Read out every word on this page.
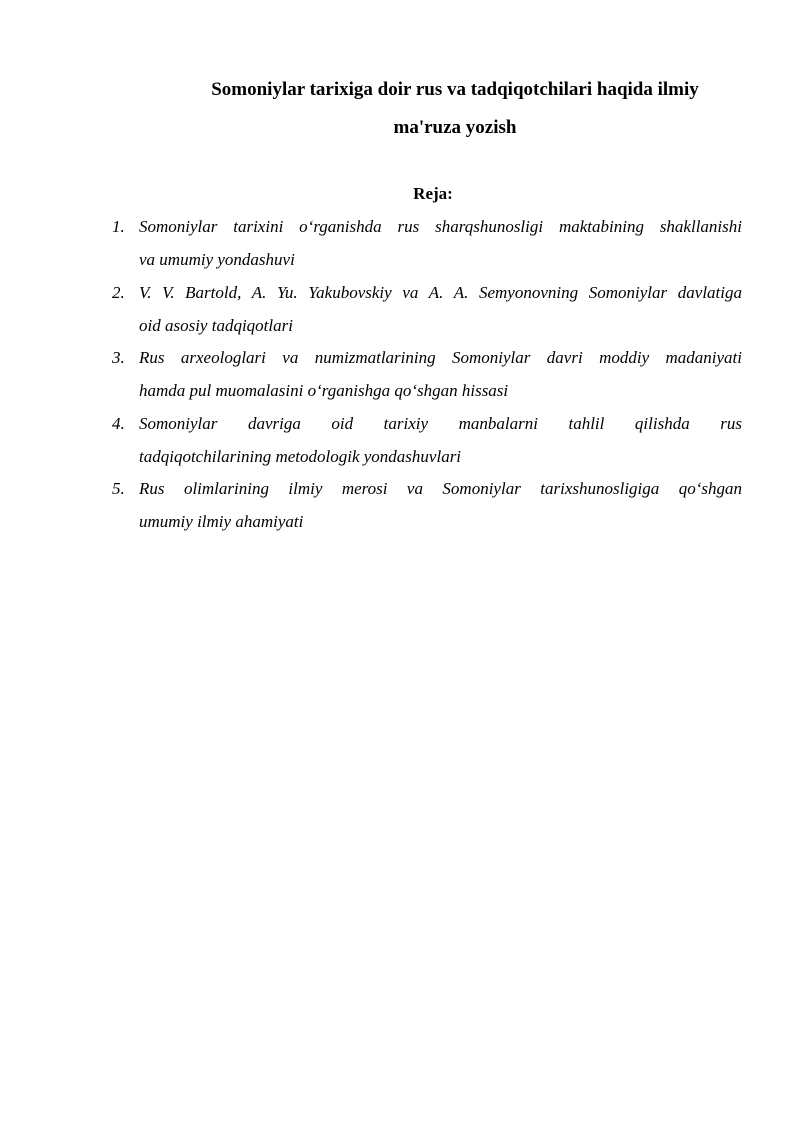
Somoniylar tarixiga doir rus va tadqiqotchilari haqida ilmiy
ma'ruza yozish
Reja:
1. Somoniylar tarixini o‘rganishda rus sharqshunosligi maktabining shakllanishi
va umumiy yondashuvi
2. V. V. Bartold, A. Yu. Yakubovskiy va A. A. Semyonovning Somoniylar davlatiga
oid asosiy tadqiqotlari
3. Rus arxeologlari va numizmatlarining Somoniylar davri moddiy madaniyati
hamda pul muomalasini o‘rganishga qo‘shgan hissasi
4. Somoniylar davriga oid tarixiy manbalarni tahlil qilishda rus
tadqiqotchilarining metodologik yondashuvlari
5. Rus olimlarining ilmiy merosi va Somoniylar tarixshunosligiga qo‘shgan
umumiy ilmiy ahamiyati
